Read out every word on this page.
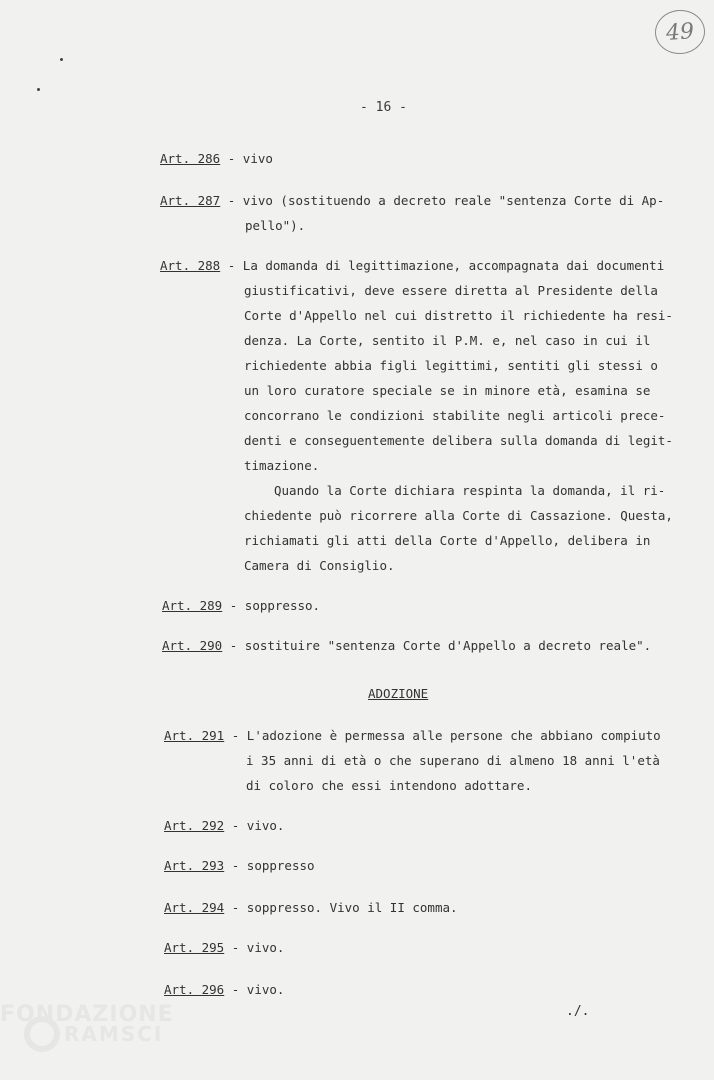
49
- 16 -
Art. 286 - vivo
Art. 287 - vivo (sostituendo a decreto reale "sentenza Corte di Ap-
pello").
Art. 288 - La domanda di legittimazione, accompagnata dai documenti
giustificativi, deve essere diretta al Presidente della
Corte d'Appello nel cui distretto il richiedente ha resi-
denza. La Corte, sentito il P.M. e, nel caso in cui il
richiedente abbia figli legittimi, sentiti gli stessi o
un loro curatore speciale se in minore età, esamina se
concorrano le condizioni stabilite negli articoli prece-
denti e conseguentemente delibera sulla domanda di legit-
timazione.
Quando la Corte dichiara respinta la domanda, il ri-
chiedente può ricorrere alla Corte di Cassazione. Questa,
richiamati gli atti della Corte d'Appello, delibera in
Camera di Consiglio.
Art. 289 - soppresso.
Art. 290 - sostituire "sentenza Corte d'Appello a decreto reale".
ADOZIONE
Art. 291 - L'adozione è permessa alle persone che abbiano compiuto
i 35 anni di età o che superano di almeno 18 anni l'età
di coloro che essi intendono adottare.
Art. 292 - vivo.
Art. 293 - soppresso
Art. 294 - soppresso. Vivo il II comma.
Art. 295 - vivo.
Art. 296 - vivo.
./.
FONDAZIONE
RAMSCI
